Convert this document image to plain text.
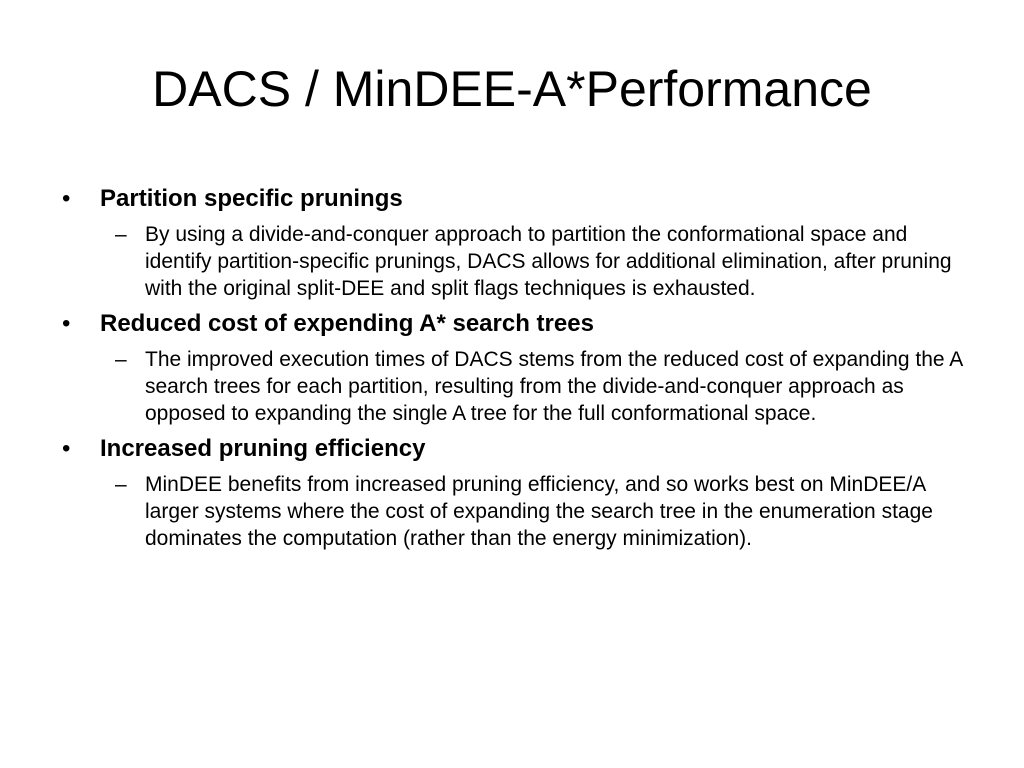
DACS / MinDEE-A*Performance
• Partition specific prunings
– By using a divide-and-conquer approach to partition the conformational space and identify partition-specific prunings, DACS allows for additional elimination, after pruning with the original split-DEE and split flags techniques is exhausted.
• Reduced cost of expending A* search trees
– The improved execution times of DACS stems from the reduced cost of expanding the A search trees for each partition, resulting from the divide-and-conquer approach as opposed to expanding the single A tree for the full conformational space.
• Increased pruning efficiency
– MinDEE benefits from increased pruning efficiency, and so works best on MinDEE/A larger systems where the cost of expanding the search tree in the enumeration stage dominates the computation (rather than the energy minimization).
